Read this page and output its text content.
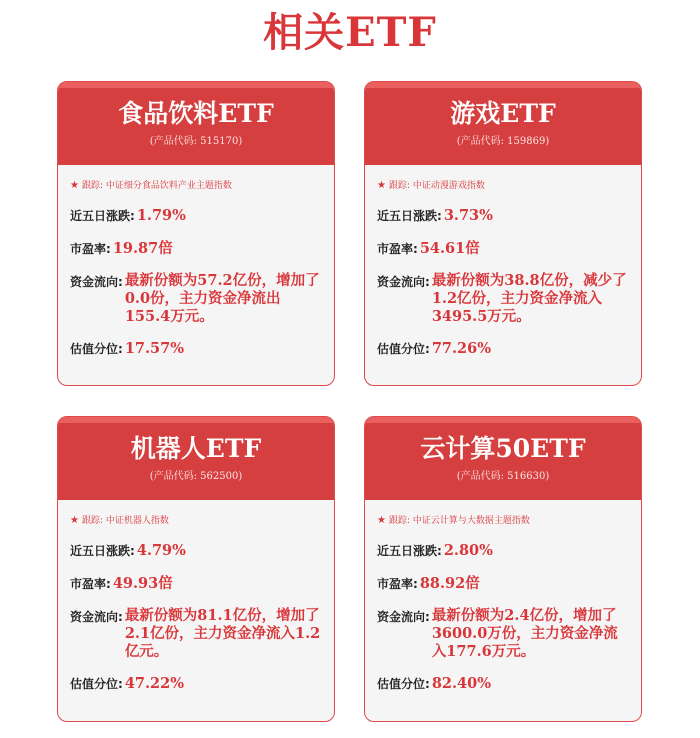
相关ETF
食品饮料ETF
(产品代码: 515170)
★ 跟踪: 中证细分食品饮料产业主题指数
近五日涨跌: 1.79%
市盈率: 19.87倍
资金流向: 最新份额为57.2亿份，增加了0.0份，主力资金净流出155.4万元。
估值分位: 17.57%
游戏ETF
(产品代码: 159869)
★ 跟踪: 中证动漫游戏指数
近五日涨跌: 3.73%
市盈率: 54.61倍
资金流向: 最新份额为38.8亿份，减少了1.2亿份，主力资金净流入3495.5万元。
估值分位: 77.26%
机器人ETF
(产品代码: 562500)
★ 跟踪: 中证机器人指数
近五日涨跌: 4.79%
市盈率: 49.93倍
资金流向: 最新份额为81.1亿份，增加了2.1亿份，主力资金净流入1.2亿元。
估值分位: 47.22%
云计算50ETF
(产品代码: 516630)
★ 跟踪: 中证云计算与大数据主题指数
近五日涨跌: 2.80%
市盈率: 88.92倍
资金流向: 最新份额为2.4亿份，增加了3600.0万份，主力资金净流入177.6万元。
估值分位: 82.40%
